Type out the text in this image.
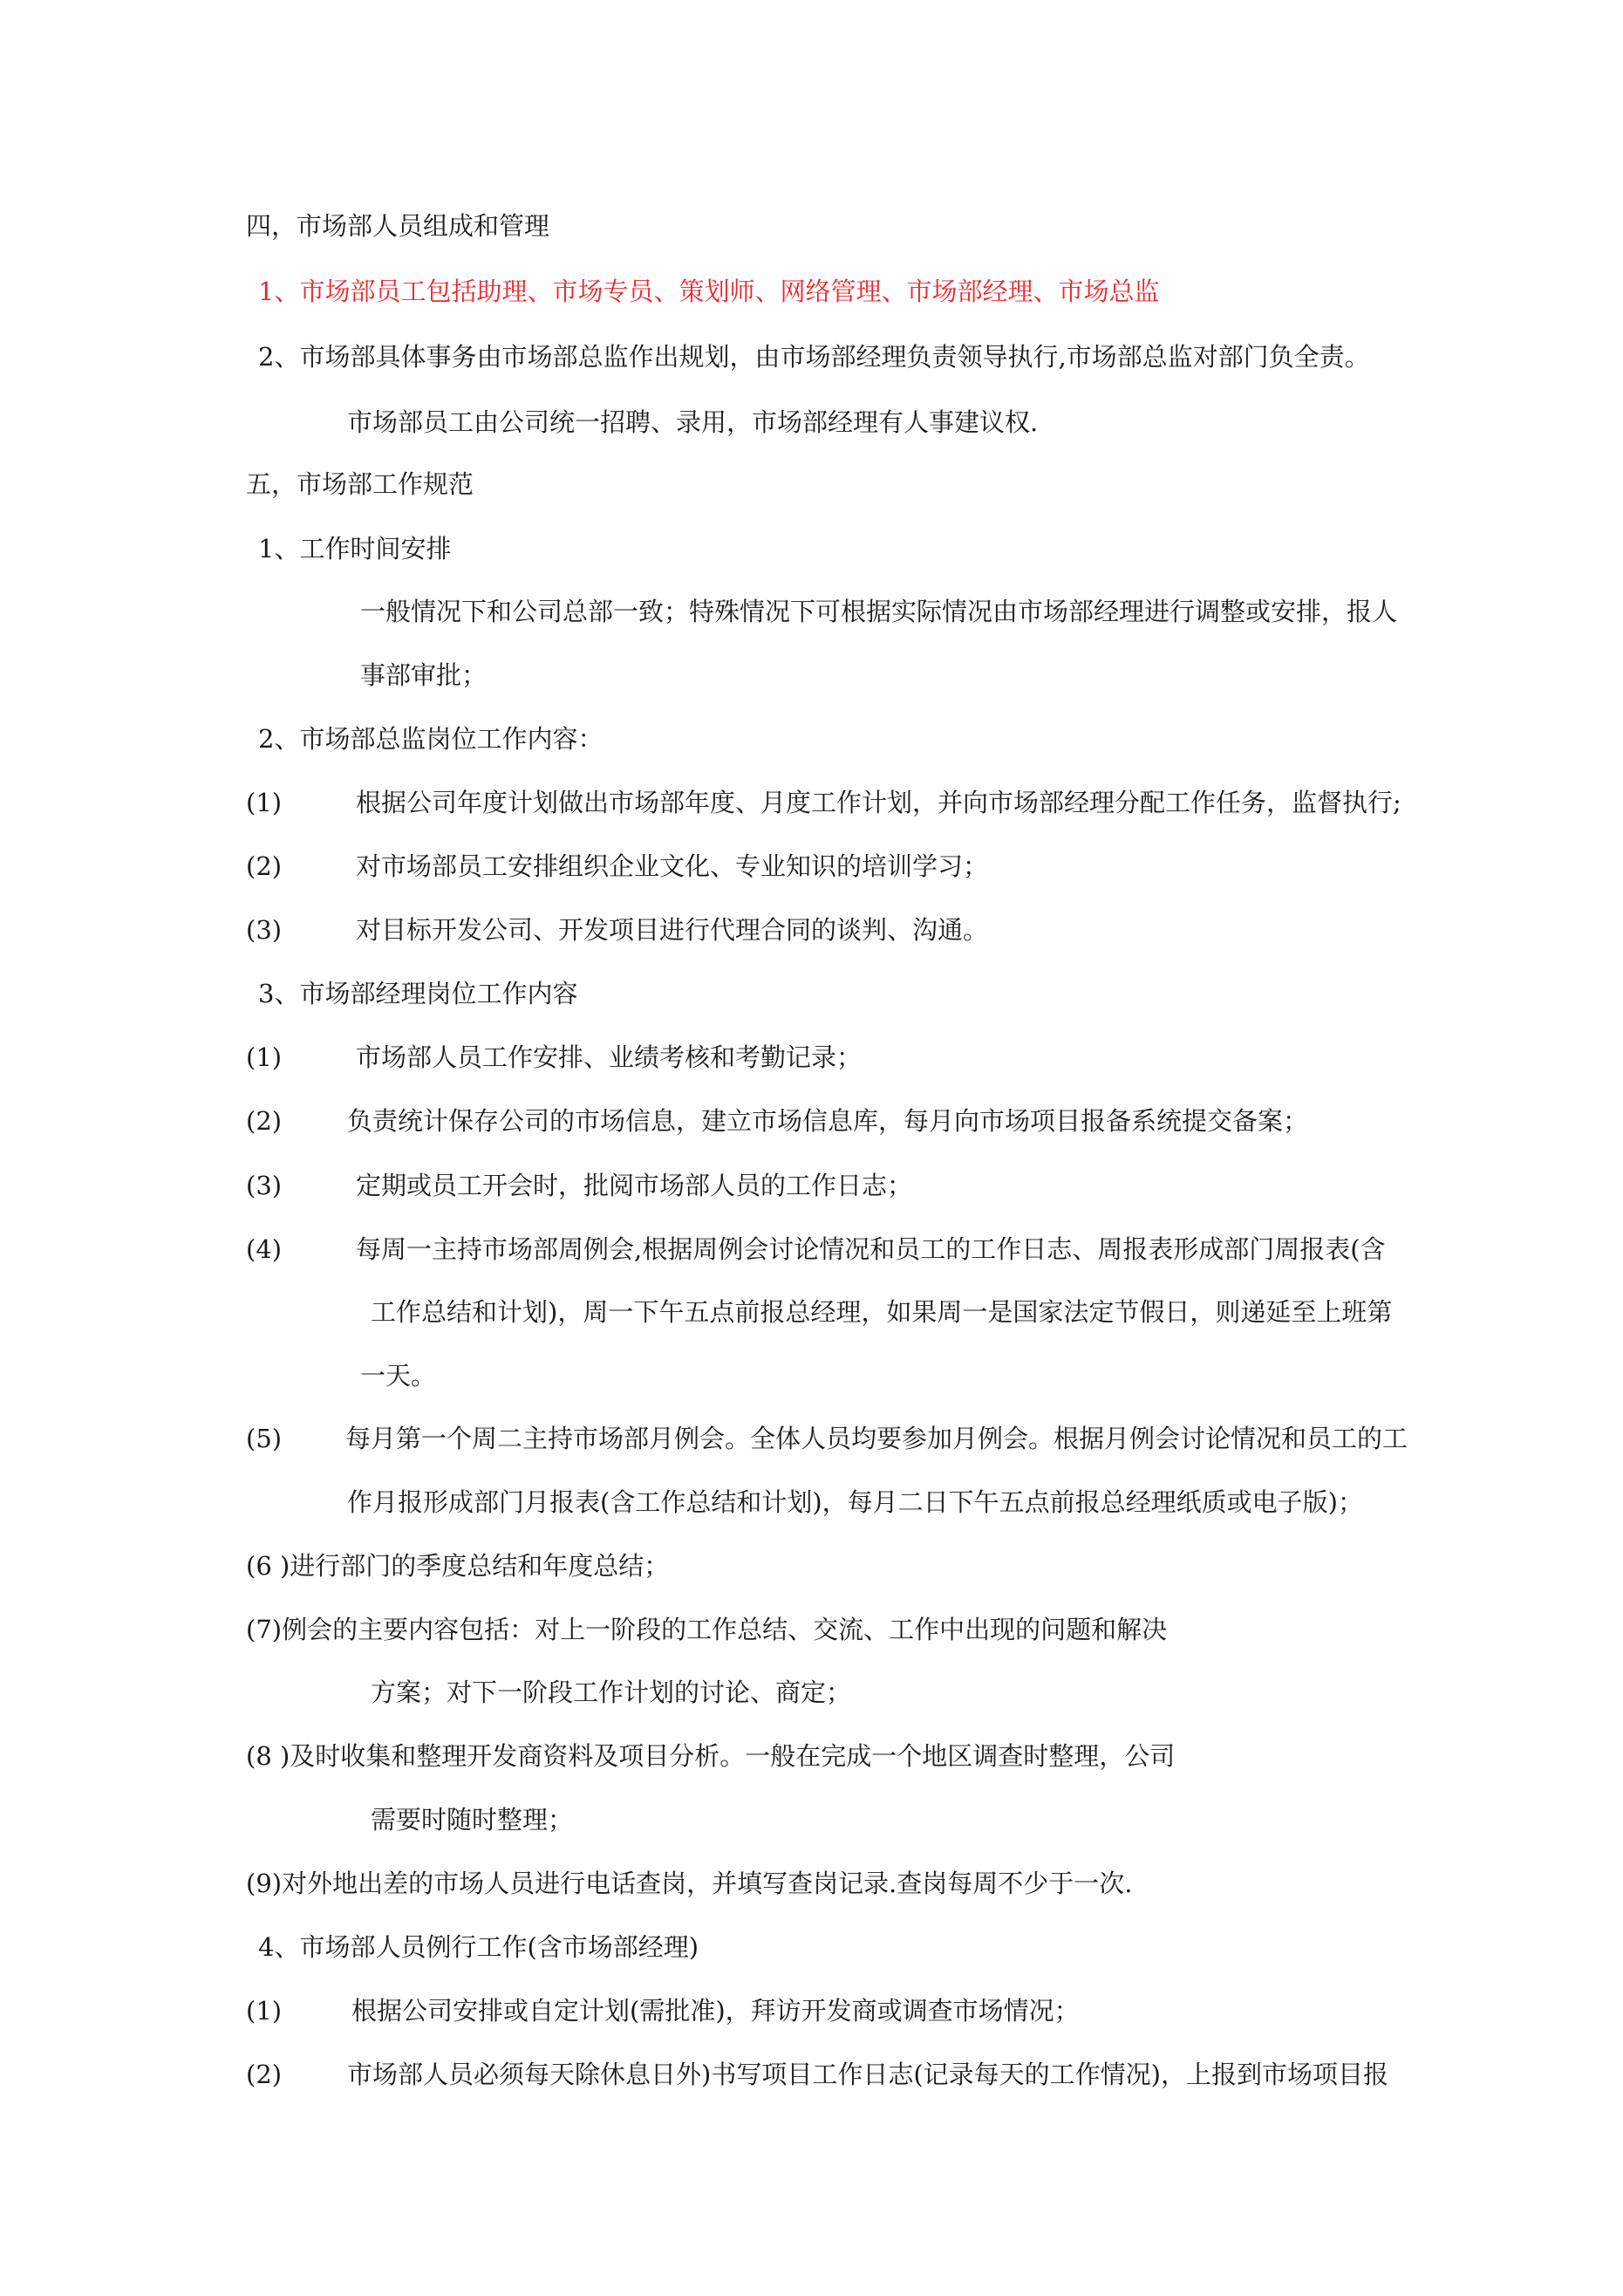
四，市场部人员组成和管理
1、市场部员工包括助理、市场专员、策划师、网络管理、市场部经理、市场总监
2、市场部具体事务由市场部总监作出规划，由市场部经理负责领导执行,市场部总监对部门负全责。
市场部员工由公司统一招聘、录用，市场部经理有人事建议权.
五，市场部工作规范
1、工作时间安排
一般情况下和公司总部一致；特殊情况下可根据实际情况由市场部经理进行调整或安排，报人
事部审批；
2、市场部总监岗位工作内容：
(1)	根据公司年度计划做出市场部年度、月度工作计划，并向市场部经理分配工作任务，监督执行;
(2)	对市场部员工安排组织企业文化、专业知识的培训学习；
(3)	对目标开发公司、开发项目进行代理合同的谈判、沟通。
3、市场部经理岗位工作内容
(1)	市场部人员工作安排、业绩考核和考勤记录；
(2)	负责统计保存公司的市场信息，建立市场信息库，每月向市场项目报备系统提交备案；
(3)	定期或员工开会时，批阅市场部人员的工作日志；
(4)	每周一主持市场部周例会,根据周例会讨论情况和员工的工作日志、周报表形成部门周报表(含
工作总结和计划)，周一下午五点前报总经理，如果周一是国家法定节假日，则递延至上班第
一天。
(5)	每月第一个周二主持市场部月例会。全体人员均要参加月例会。根据月例会讨论情况和员工的工
作月报形成部门月报表(含工作总结和计划)，每月二日下午五点前报总经理纸质或电子版)；
(6 )进行部门的季度总结和年度总结；
(7)例会的主要内容包括：对上一阶段的工作总结、交流、工作中出现的问题和解决
方案；对下一阶段工作计划的讨论、商定；
(8 )及时收集和整理开发商资料及项目分析。一般在完成一个地区调查时整理，公司
需要时随时整理；
(9)对外地出差的市场人员进行电话查岗，并填写查岗记录.查岗每周不少于一次.
4、市场部人员例行工作(含市场部经理)
(1)	根据公司安排或自定计划(需批准)，拜访开发商或调查市场情况；
(2)	市场部人员必须每天除休息日外)书写项目工作日志(记录每天的工作情况)，上报到市场项目报
